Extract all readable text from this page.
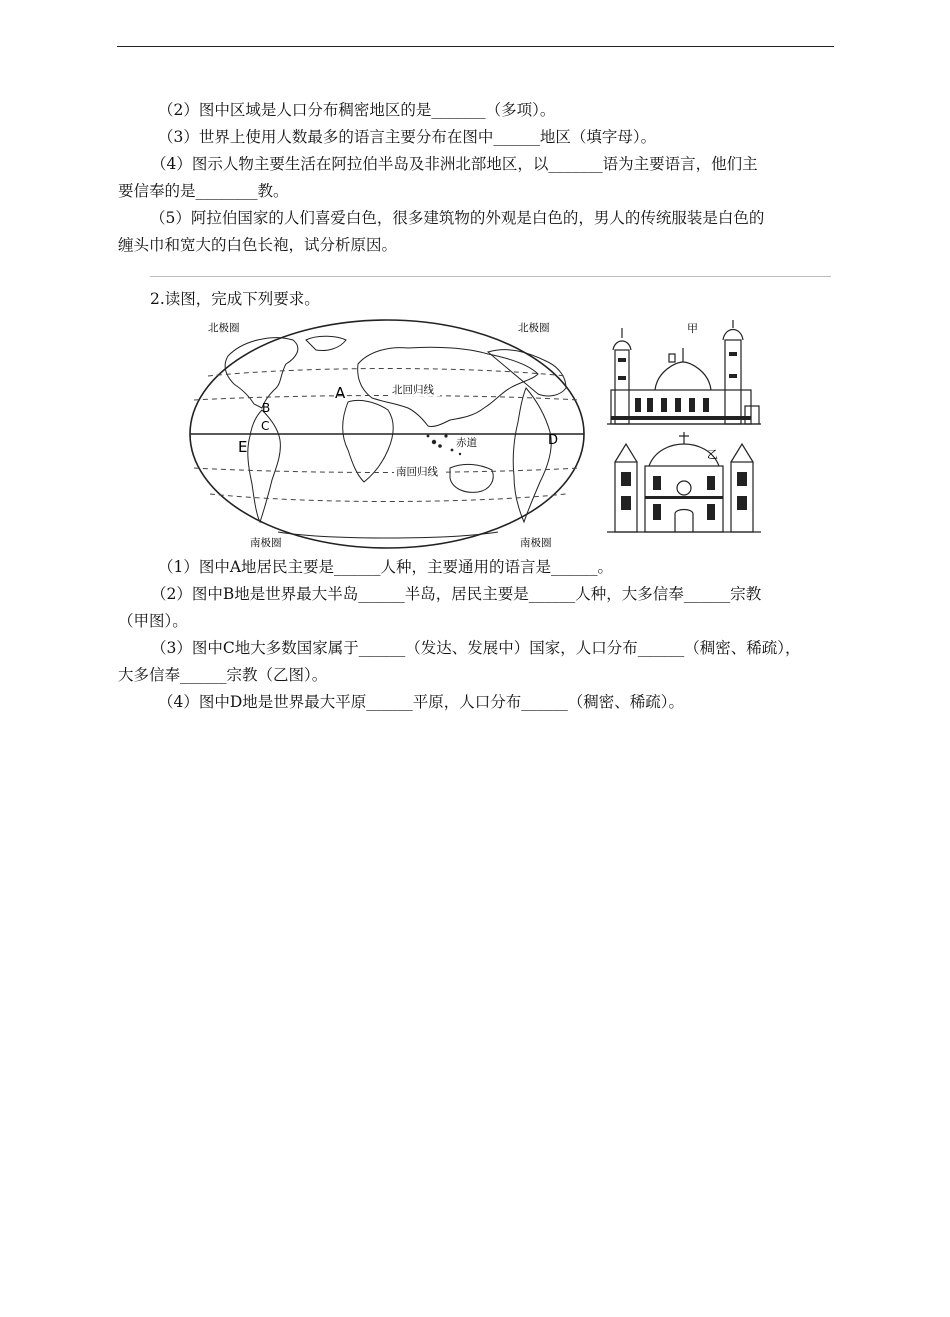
（2）图中区域是人口分布稠密地区的是_______（多项）。
（3）世界上使用人数最多的语言主要分布在图中______地区（填字母）。
（4）图示人物主要生活在阿拉伯半岛及非洲北部地区，以_______语为主要语言，他们主
要信奉的是________教。
（5）阿拉伯国家的人们喜爱白色，很多建筑物的外观是白色的，男人的传统服装是白色的
缠头巾和宽大的白色长袍，试分析原因。
2.读图，完成下列要求。
北极圈	北极圈
北回归线
赤道
南回归线
南极圈	南极圈
A
B
C
D
E
甲
乙
（1）图中A地居民主要是______人种，主要通用的语言是______。
（2）图中B地是世界最大半岛______半岛，居民主要是______人种，大多信奉______宗教
（甲图）。
（3）图中C地大多数国家属于______（发达、发展中）国家，人口分布______（稠密、稀疏），
大多信奉______宗教（乙图）。
（4）图中D地是世界最大平原______平原，人口分布______（稠密、稀疏）。
